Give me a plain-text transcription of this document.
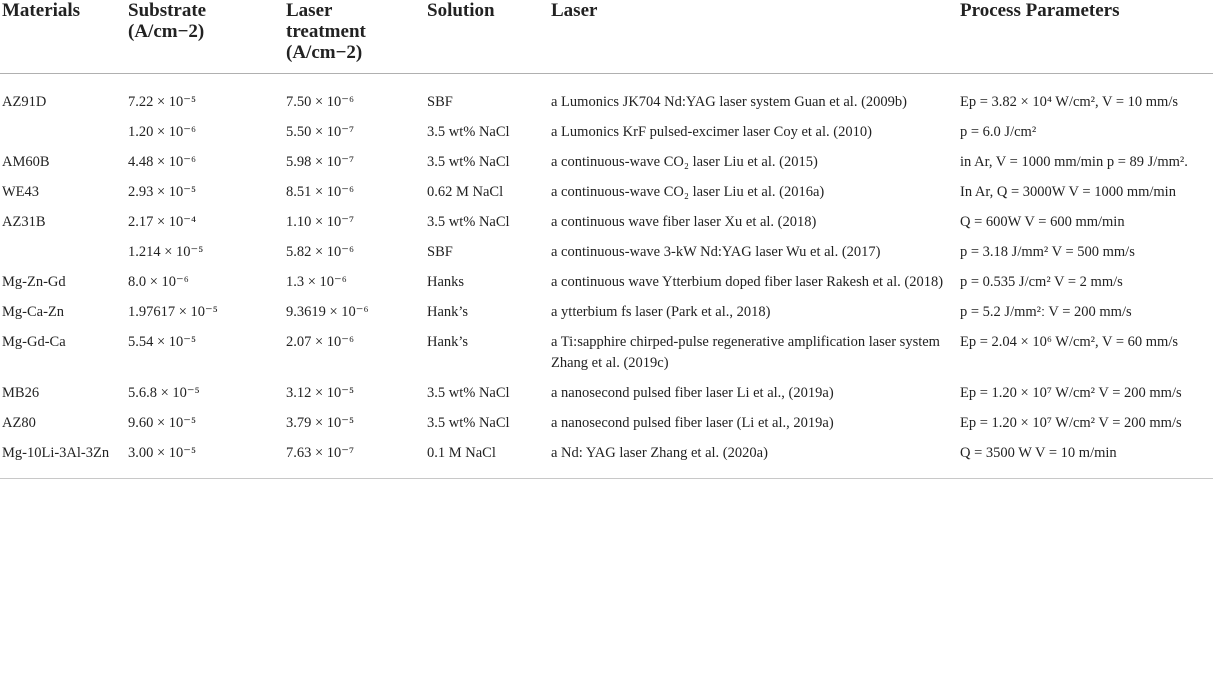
Materials	Substrate (A/cm−2)	Laser treatment (A/cm−2)	Solution	Laser	Process Parameters
AZ91D	7.22 × 10⁻⁵	7.50 × 10⁻⁶	SBF	a Lumonics JK704 Nd:YAG laser system Guan et al. (2009b)	Ep = 3.82 × 10⁴ W/cm², V = 10 mm/s
	1.20 × 10⁻⁶	5.50 × 10⁻⁷	3.5 wt% NaCl	a Lumonics KrF pulsed-excimer laser Coy et al. (2010)	p = 6.0 J/cm²
AM60B	4.48 × 10⁻⁶	5.98 × 10⁻⁷	3.5 wt% NaCl	a continuous-wave CO₂ laser Liu et al. (2015)	in Ar, V = 1000 mm/min p = 89 J/mm².
WE43	2.93 × 10⁻⁵	8.51 × 10⁻⁶	0.62 M NaCl	a continuous-wave CO₂ laser Liu et al. (2016a)	In Ar, Q = 3000W V = 1000 mm/min
AZ31B	2.17 × 10⁻⁴	1.10 × 10⁻⁷	3.5 wt% NaCl	a continuous wave fiber laser Xu et al. (2018)	Q = 600W V = 600 mm/min
	1.214 × 10⁻⁵	5.82 × 10⁻⁶	SBF	a continuous-wave 3-kW Nd:YAG laser Wu et al. (2017)	p = 3.18 J/mm² V = 500 mm/s
Mg-Zn-Gd	8.0 × 10⁻⁶	1.3 × 10⁻⁶	Hanks	a continuous wave Ytterbium doped fiber laser Rakesh et al. (2018)	p = 0.535 J/cm² V = 2 mm/s
Mg-Ca-Zn	1.97617 × 10⁻⁵	9.3619 × 10⁻⁶	Hank’s	a ytterbium fs laser (Park et al., 2018)	p = 5.2 J/mm²ː V = 200 mm/s
Mg-Gd-Ca	5.54 × 10⁻⁵	2.07 × 10⁻⁶	Hank’s	a Ti:sapphire chirped-pulse regenerative amplification laser system Zhang et al. (2019c)	Ep = 2.04 × 10⁶ W/cm², V = 60 mm/s
MB26	5.6.8 × 10⁻⁵	3.12 × 10⁻⁵	3.5 wt% NaCl	a nanosecond pulsed fiber laser Li et al., (2019a)	Ep = 1.20 × 10⁷ W/cm² V = 200 mm/s
AZ80	9.60 × 10⁻⁵	3.79 × 10⁻⁵	3.5 wt% NaCl	a nanosecond pulsed fiber laser (Li et al., 2019a)	Ep = 1.20 × 10⁷ W/cm² V = 200 mm/s
Mg-10Li-3Al-3Zn	3.00 × 10⁻⁵	7.63 × 10⁻⁷	0.1 M NaCl	a Nd: YAG laser Zhang et al. (2020a)	Q = 3500 W V = 10 m/min
